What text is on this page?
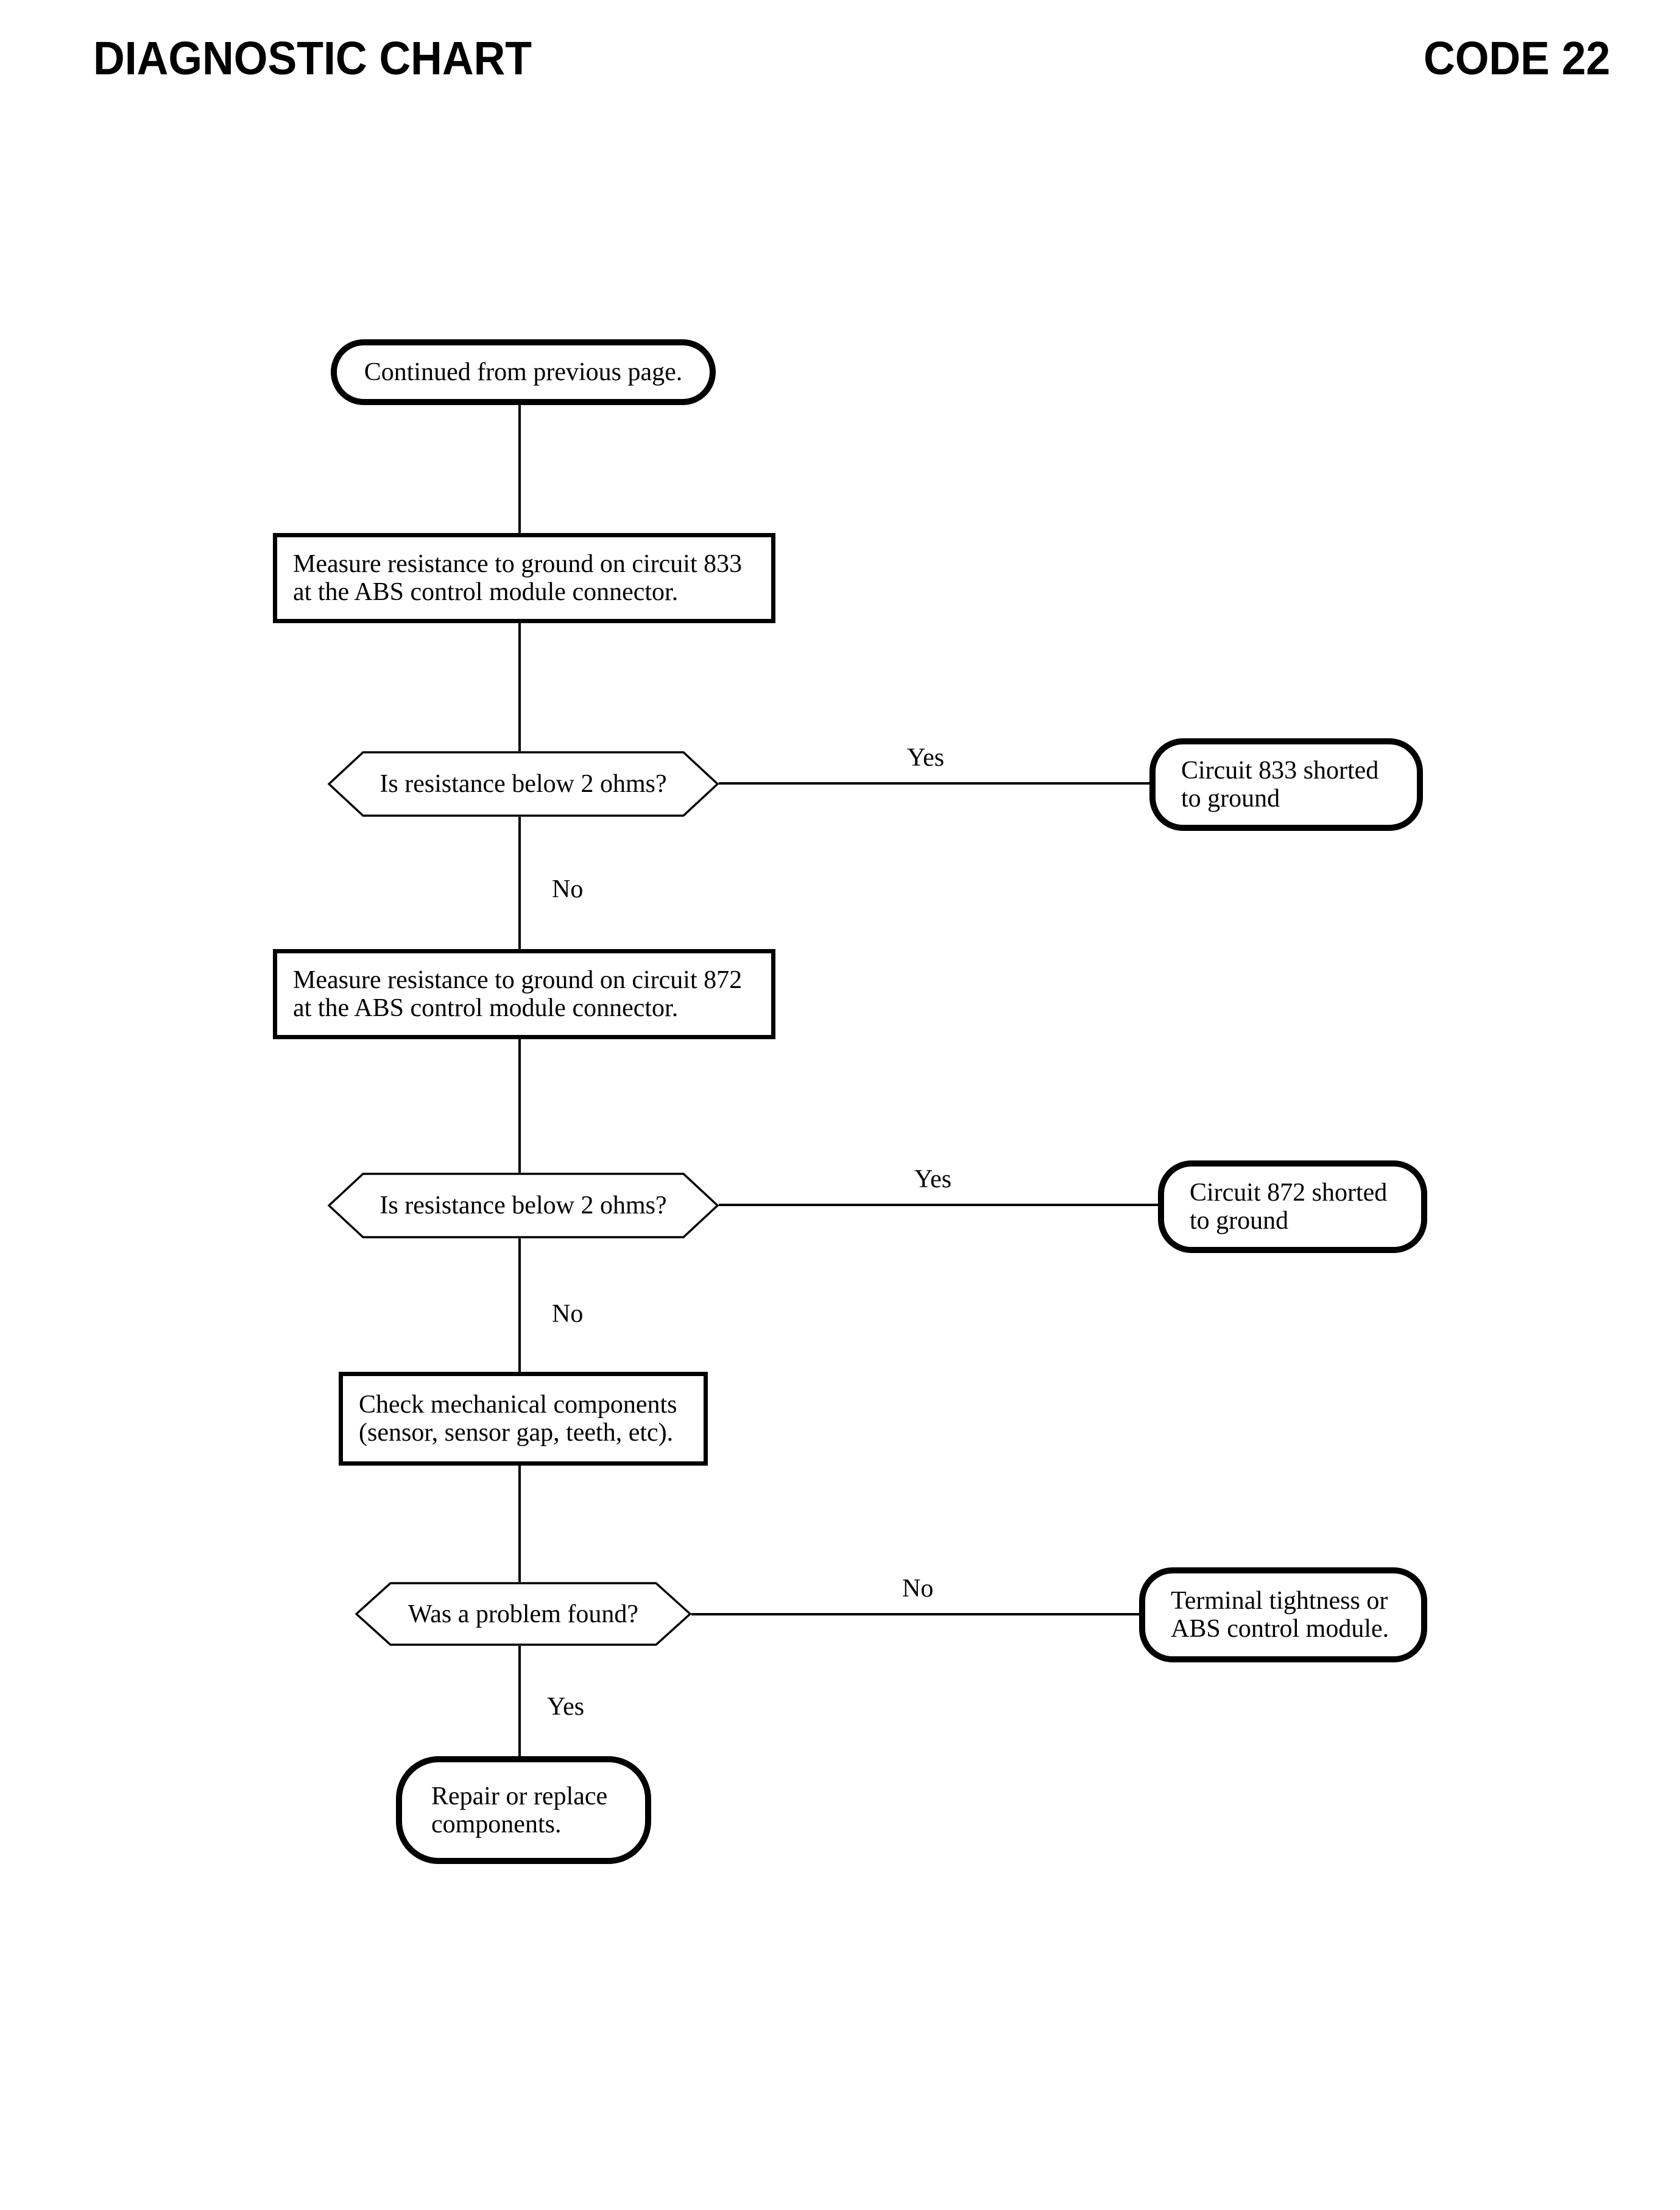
DIAGNOSTIC CHART	CODE 22
Continued from previous page.
Measure resistance to ground on circuit 833
at the ABS control module connector.
Is resistance below 2 ohms?
Yes	Circuit 833 shorted
to ground
No
Measure resistance to ground on circuit 872
at the ABS control module connector.
Is resistance below 2 ohms?
Yes	Circuit 872 shorted
to ground
No
Check mechanical components
(sensor, sensor gap, teeth, etc).
Was a problem found?
No	Terminal tightness or
ABS control module.
Yes
Repair or replace
components.
